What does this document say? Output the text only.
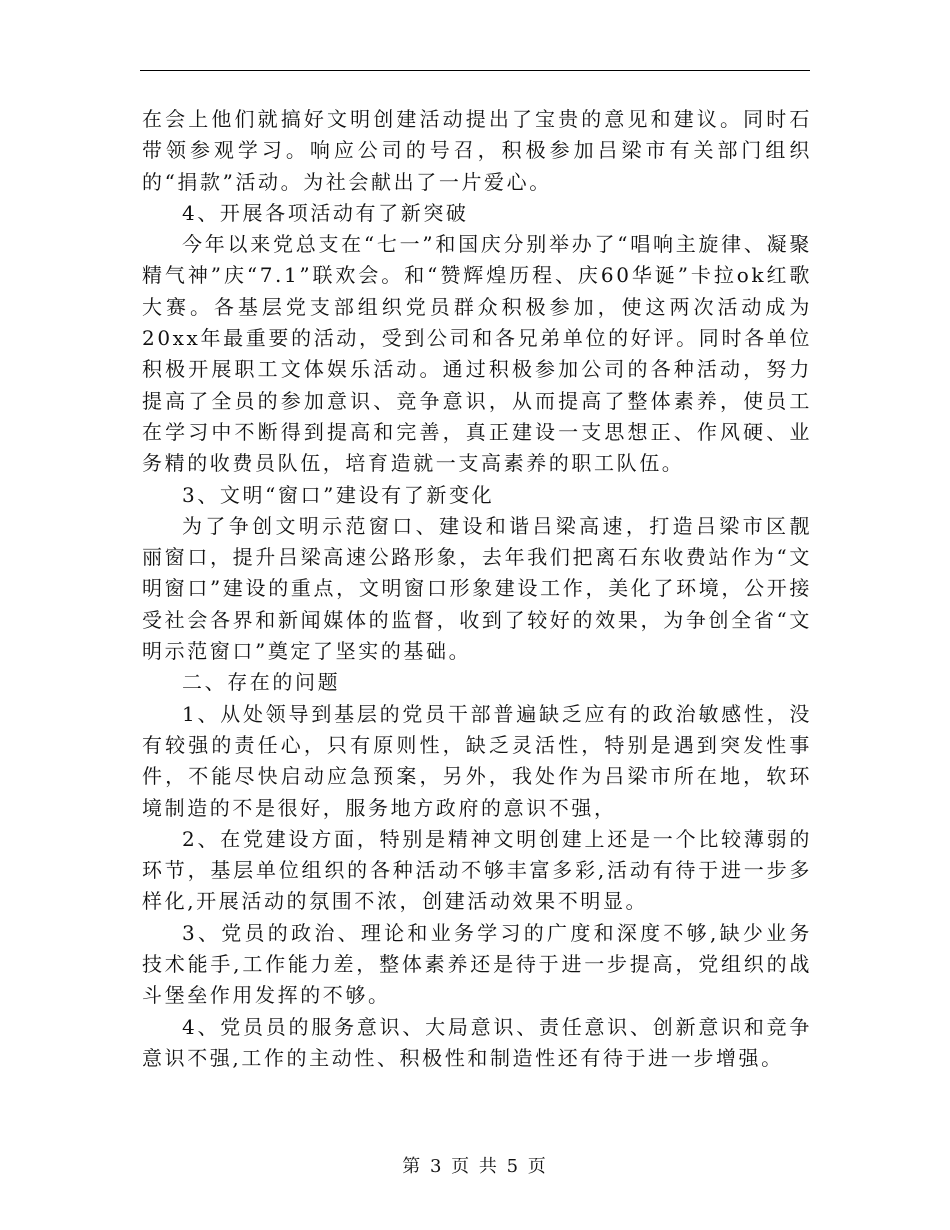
在会上他们就搞好文明创建活动提出了宝贵的意见和建议。同时石带领参观学习。响应公司的号召，积极参加吕梁市有关部门组织的“捐款”活动。为社会献出了一片爱心。

4、开展各项活动有了新突破

今年以来党总支在“七一”和国庆分别举办了“唱响主旋律、凝聚精气神”庆“7.1”联欢会。和“赞辉煌历程、庆60华诞”卡拉ok红歌大赛。各基层党支部组织党员群众积极参加，使这两次活动成为20xx年最重要的活动，受到公司和各兄弟单位的好评。同时各单位积极开展职工文体娱乐活动。通过积极参加公司的各种活动，努力提高了全员的参加意识、竞争意识，从而提高了整体素养，使员工在学习中不断得到提高和完善，真正建设一支思想正、作风硬、业务精的收费员队伍，培育造就一支高素养的职工队伍。

3、文明“窗口”建设有了新变化

为了争创文明示范窗口、建设和谐吕梁高速，打造吕梁市区靓丽窗口，提升吕梁高速公路形象，去年我们把离石东收费站作为“文明窗口”建设的重点，文明窗口形象建设工作，美化了环境，公开接受社会各界和新闻媒体的监督，收到了较好的效果，为争创全省“文明示范窗口”奠定了坚实的基础。

二、存在的问题

1、从处领导到基层的党员干部普遍缺乏应有的政治敏感性，没有较强的责任心，只有原则性，缺乏灵活性，特别是遇到突发性事件，不能尽快启动应急预案，另外，我处作为吕梁市所在地，软环境制造的不是很好，服务地方政府的意识不强，

2、在党建设方面，特别是精神文明创建上还是一个比较薄弱的环节，基层单位组织的各种活动不够丰富多彩,活动有待于进一步多样化,开展活动的氛围不浓，创建活动效果不明显。

3、党员的政治、理论和业务学习的广度和深度不够,缺少业务技术能手,工作能力差，整体素养还是待于进一步提高，党组织的战斗堡垒作用发挥的不够。

4、党员员的服务意识、大局意识、责任意识、创新意识和竞争意识不强,工作的主动性、积极性和制造性还有待于进一步增强。

第 3 页 共 5 页
